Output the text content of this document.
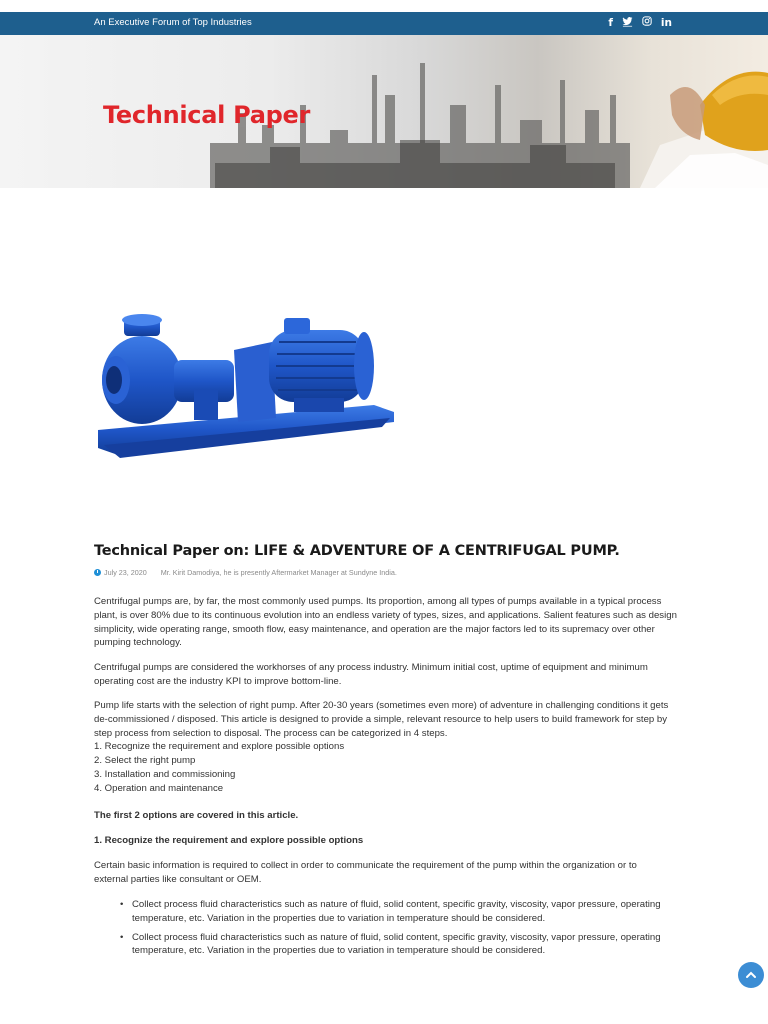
An Executive Forum of Top Industries	f	in
Technical Paper
Technical Paper on: LIFE & ADVENTURE OF A CENTRIFUGAL PUMP.
July 23, 2020 Mr. Kirit Damodiya, he is presently Aftermarket Manager at Sundyne India.

Centrifugal pumps are, by far, the most commonly used pumps. Its proportion, among all types of pumps available in a typical process plant, is over 80% due to its continuous evolution into an endless variety of types, sizes, and applications. Salient features such as design simplicity, wide operating range, smooth flow, easy maintenance, and operation are the major factors led to its supremacy over other pumping technology.

Centrifugal pumps are considered the workhorses of any process industry. Minimum initial cost, uptime of equipment and minimum operating cost are the industry KPI to improve bottom-line.

Pump life starts with the selection of right pump. After 20-30 years (sometimes even more) of adventure in challenging conditions it gets de-commissioned / disposed. This article is designed to provide a simple, relevant resource to help users to build framework for step by step process from selection to disposal. The process can be categorized in 4 steps.

1. Recognize the requirement and explore possible options
2. Select the right pump
3. Installation and commissioning
4. Operation and maintenance

The first 2 options are covered in this article.

1. Recognize the requirement and explore possible options

Certain basic information is required to collect in order to communicate the requirement of the pump within the organization or to external parties like consultant or OEM.

• Collect process fluid characteristics such as nature of fluid, solid content, specific gravity, viscosity, vapor pressure, operating temperature, etc. Variation in the properties due to variation in temperature should be considered.
• Collect process fluid characteristics such as nature of fluid, solid content, specific gravity, viscosity, vapor pressure, operating temperature, etc. Variation in the properties due to variation in temperature should be considered.
